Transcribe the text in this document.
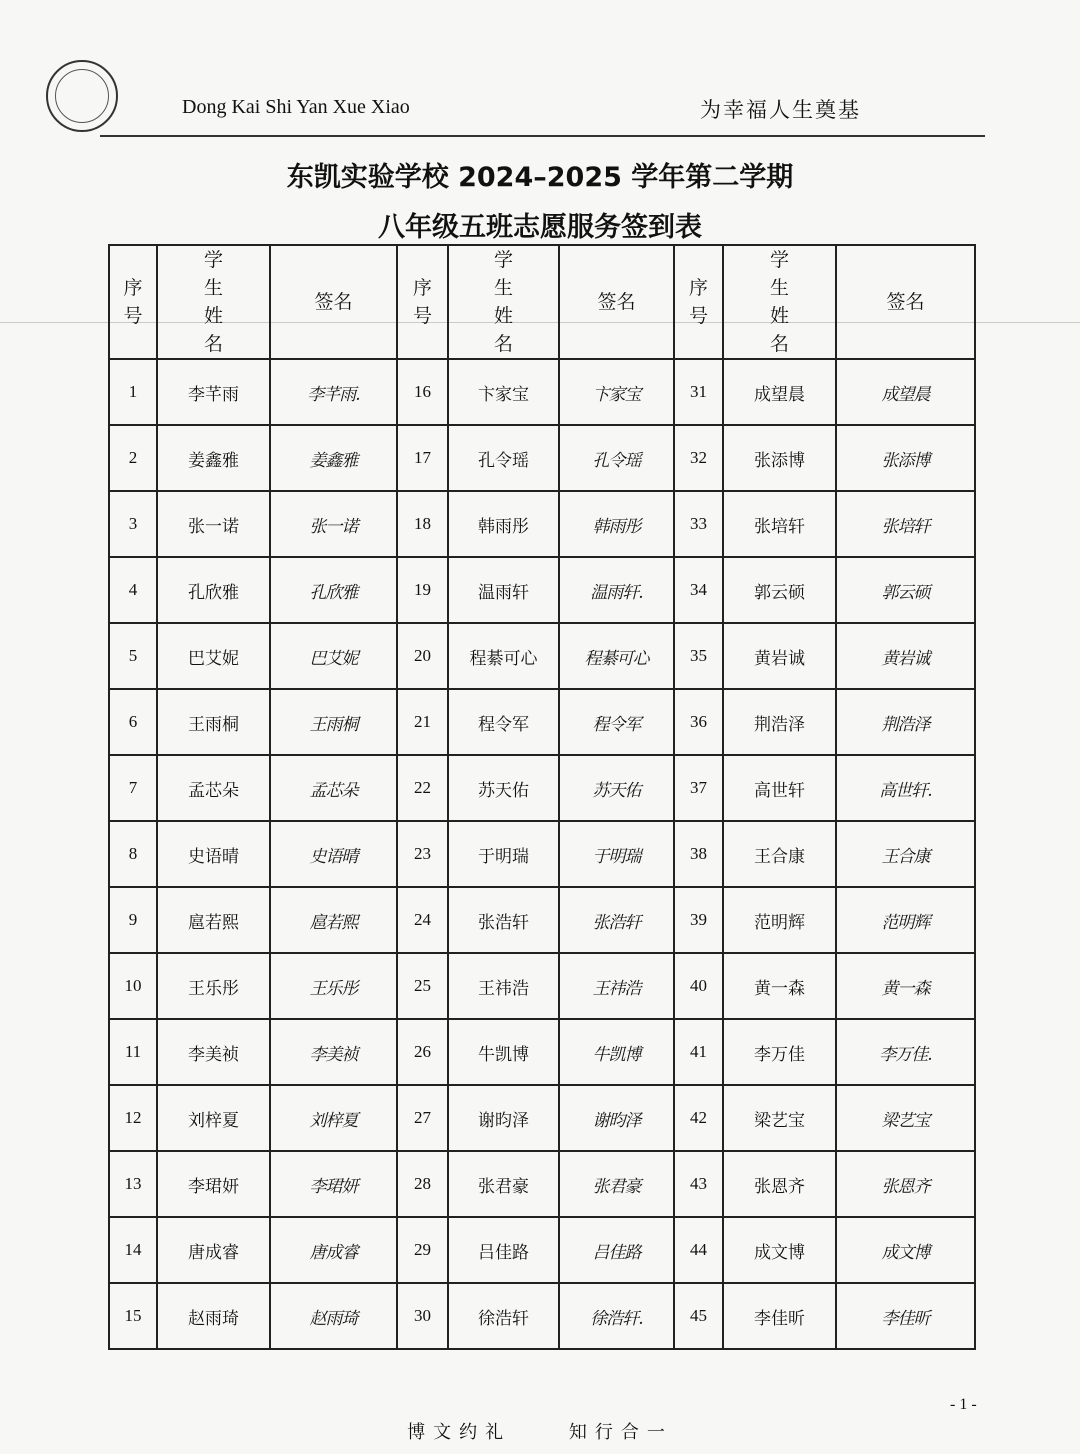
Dong Kai Shi Yan Xue Xiao	为幸福人生奠基
东凯实验学校 2024–2025 学年第二学期
八年级五班志愿服务签到表
序号	学生姓名	签名	序号	学生姓名	签名	序号	学生姓名	签名
1	李芊雨	李芊雨.	16	卞家宝	卞家宝	31	成望晨	成望晨
2	姜鑫雅	姜鑫雅	17	孔令瑶	孔令瑶	32	张添博	张添博
3	张一诺	张一诺	18	韩雨彤	韩雨彤	33	张培轩	张培轩
4	孔欣雅	孔欣雅	19	温雨轩	温雨轩.	34	郭云硕	郭云硕
5	巴艾妮	巴艾妮	20	程綦可心	程綦可心	35	黄岩诚	黄岩诚
6	王雨桐	王雨桐	21	程令军	程令军	36	荆浩泽	荆浩泽
7	孟芯朵	孟芯朵	22	苏天佑	苏天佑	37	高世轩	高世轩.
8	史语晴	史语晴	23	于明瑞	于明瑞	38	王合康	王合康
9	扈若熙	扈若熙	24	张浩轩	张浩轩	39	范明辉	范明辉
10	王乐彤	王乐彤	25	王祎浩	王祎浩	40	黄一森	黄一森
11	李美祯	李美祯	26	牛凯博	牛凯博	41	李万佳	李万佳.
12	刘梓夏	刘梓夏	27	谢昀泽	谢昀泽	42	梁艺宝	梁艺宝
13	李珺妍	李珺妍	28	张君豪	张君豪	43	张恩齐	张恩齐
14	唐成睿	唐成睿	29	吕佳路	吕佳路	44	成文博	成文博
15	赵雨琦	赵雨琦	30	徐浩轩	徐浩轩.	45	李佳昕	李佳昕
- 1 -
博文约礼	知行合一
